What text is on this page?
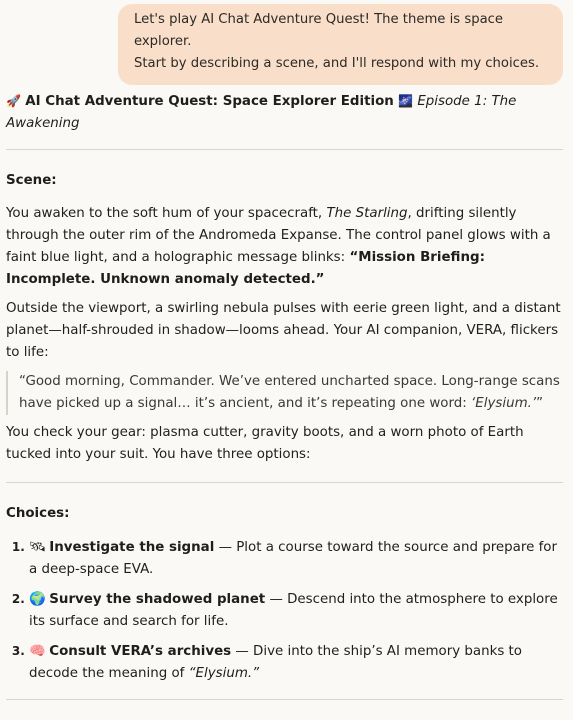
Let's play AI Chat Adventure Quest! The theme is space explorer.
Start by describing a scene, and I'll respond with my choices.
🚀 AI Chat Adventure Quest: Space Explorer Edition 🌌 Episode 1: The Awakening
Scene:

You awaken to the soft hum of your spacecraft, The Starling, drifting silently through the outer rim of the Andromeda Expanse. The control panel glows with a faint blue light, and a holographic message blinks: “Mission Briefing: Incomplete. Unknown anomaly detected.”

Outside the viewport, a swirling nebula pulses with eerie green light, and a distant planet—half-shrouded in shadow—looms ahead. Your AI companion, VERA, flickers to life:

“Good morning, Commander. We’ve entered uncharted space. Long-range scans have picked up a signal… it’s ancient, and it’s repeating one word: ‘Elysium.’”

You check your gear: plasma cutter, gravity boots, and a worn photo of Earth tucked into your suit. You have three options:

Choices:
1. 🛰 Investigate the signal — Plot a course toward the source and prepare for a deep-space EVA.
2. 🌍 Survey the shadowed planet — Descend into the atmosphere to explore its surface and search for life.
3. 🧠 Consult VERA’s archives — Dive into the ship’s AI memory banks to decode the meaning of “Elysium.”
